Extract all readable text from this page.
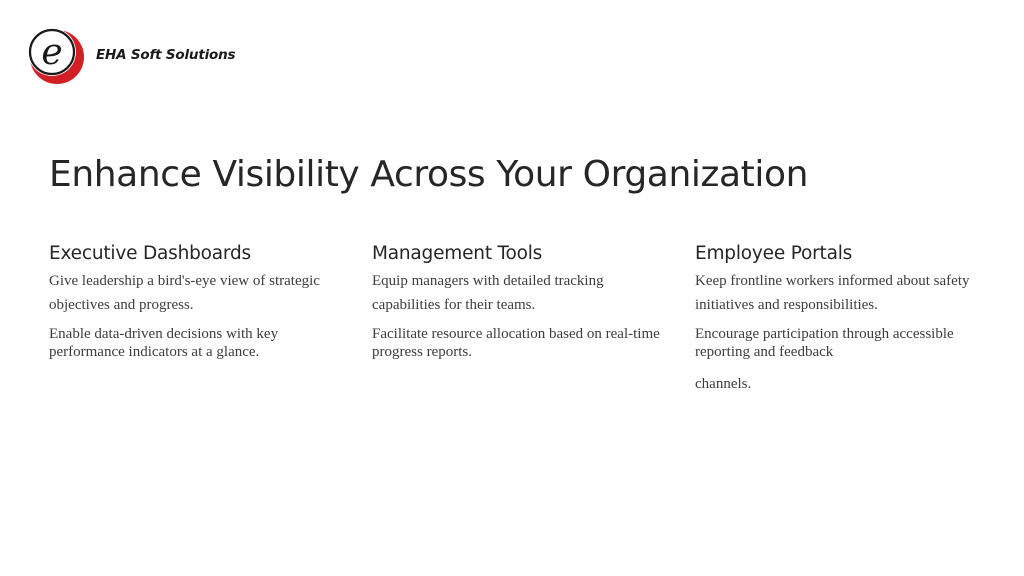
e EHA Soft Solutions
Enhance Visibility Across Your Organization
Executive Dashboards

Give leadership a bird's-eye view of strategic objectives and progress.

Enable data-driven decisions with key performance indicators at a glance.

Management Tools

Equip managers with detailed tracking capabilities for their teams.

Facilitate resource allocation based on real-time progress reports.

Employee Portals

Keep frontline workers informed about safety initiatives and responsibilities.

Encourage participation through accessible reporting and feedback

channels.
